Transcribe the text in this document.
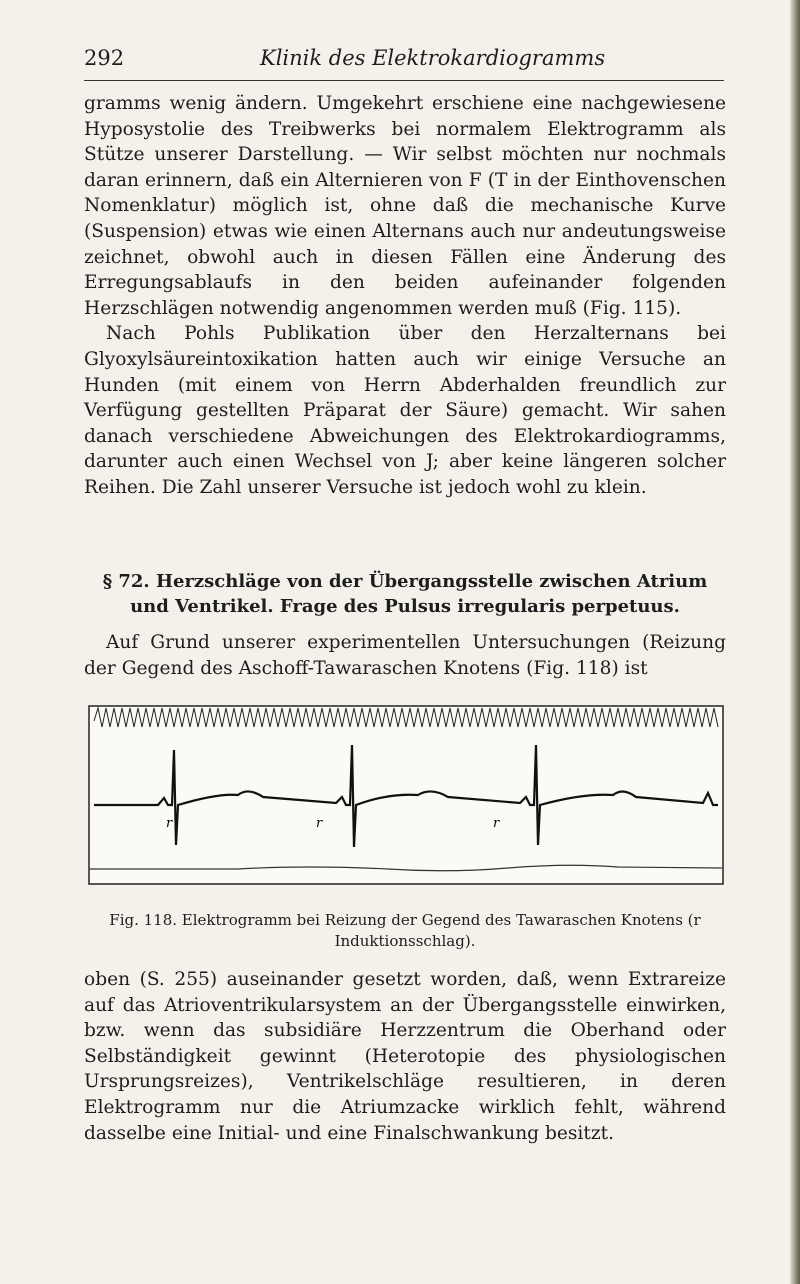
292	Klinik des Elektrokardiogramms

gramms wenig ändern. Umgekehrt erschiene eine nachgewiesene Hyposystolie des Treibwerks bei normalem Elektrogramm als Stütze unserer Darstellung. — Wir selbst möchten nur nochmals daran erinnern, daß ein Alternieren von F (T in der Einthovenschen Nomenklatur) möglich ist, ohne daß die mechanische Kurve (Suspension) etwas wie einen Alternans auch nur andeutungsweise zeichnet, obwohl auch in diesen Fällen eine Änderung des Erregungsablaufs in den beiden aufeinander folgenden Herzschlägen notwendig angenommen werden muß (Fig. 115).
Nach Pohls Publikation über den Herzalternans bei Glyoxylsäureintoxikation hatten auch wir einige Versuche an Hunden (mit einem von Herrn Abderhalden freundlich zur Verfügung gestellten Präparat der Säure) gemacht. Wir sahen danach verschiedene Abweichungen des Elektrokardiogramms, darunter auch einen Wechsel von J; aber keine längeren solcher Reihen. Die Zahl unserer Versuche ist jedoch wohl zu klein.

§ 72. Herzschläge von der Übergangsstelle zwischen Atrium und Ventrikel. Frage des Pulsus irregularis perpetuus.

Auf Grund unserer experimentellen Untersuchungen (Reizung der Gegend des Aschoff-Tawaraschen Knotens (Fig. 118) ist

r	r	r

Fig. 118. Elektrogramm bei Reizung der Gegend des Tawaraschen Knotens (r Induktionsschlag).

oben (S. 255) auseinander gesetzt worden, daß, wenn Extrareize auf das Atrioventrikularsystem an der Übergangsstelle einwirken, bzw. wenn das subsidiäre Herzzentrum die Oberhand oder Selbständigkeit gewinnt (Heterotopie des physiologischen Ursprungsreizes), Ventrikelschläge resultieren, in deren Elektrogramm nur die Atriumzacke wirklich fehlt, während dasselbe eine Initial- und eine Finalschwankung besitzt.
